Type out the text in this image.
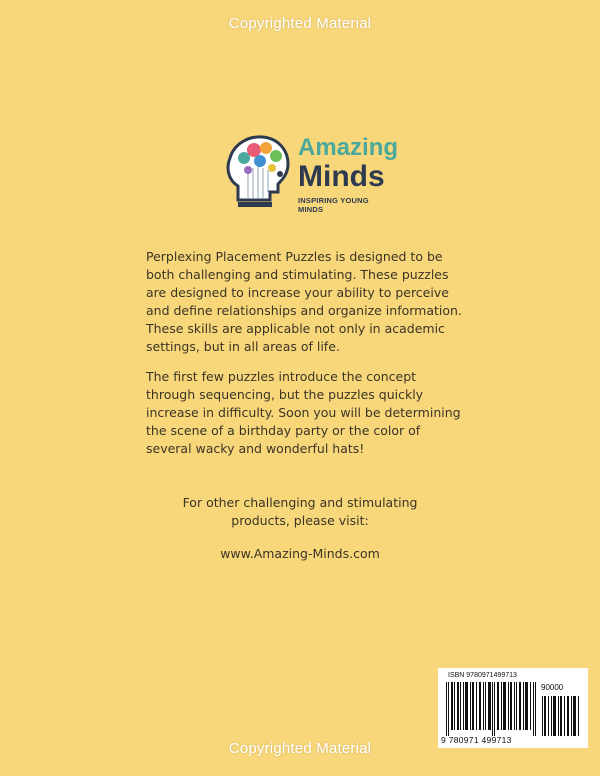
Copyrighted Material
Amazing
Minds
INSPIRING YOUNG MINDS

Perplexing Placement Puzzles is designed to be both challenging and stimulating. These puzzles are designed to increase your ability to perceive and define relationships and organize information. These skills are applicable not only in academic settings, but in all areas of life.

The first few puzzles introduce the concept through sequencing, but the puzzles quickly increase in difficulty. Soon you will be determining the scene of a birthday party or the color of several wacky and wonderful hats!

For other challenging and stimulating
products, please visit:
www.Amazing-Minds.com
ISBN 9780971499713
90000
9 780971 499713
Copyrighted Material
